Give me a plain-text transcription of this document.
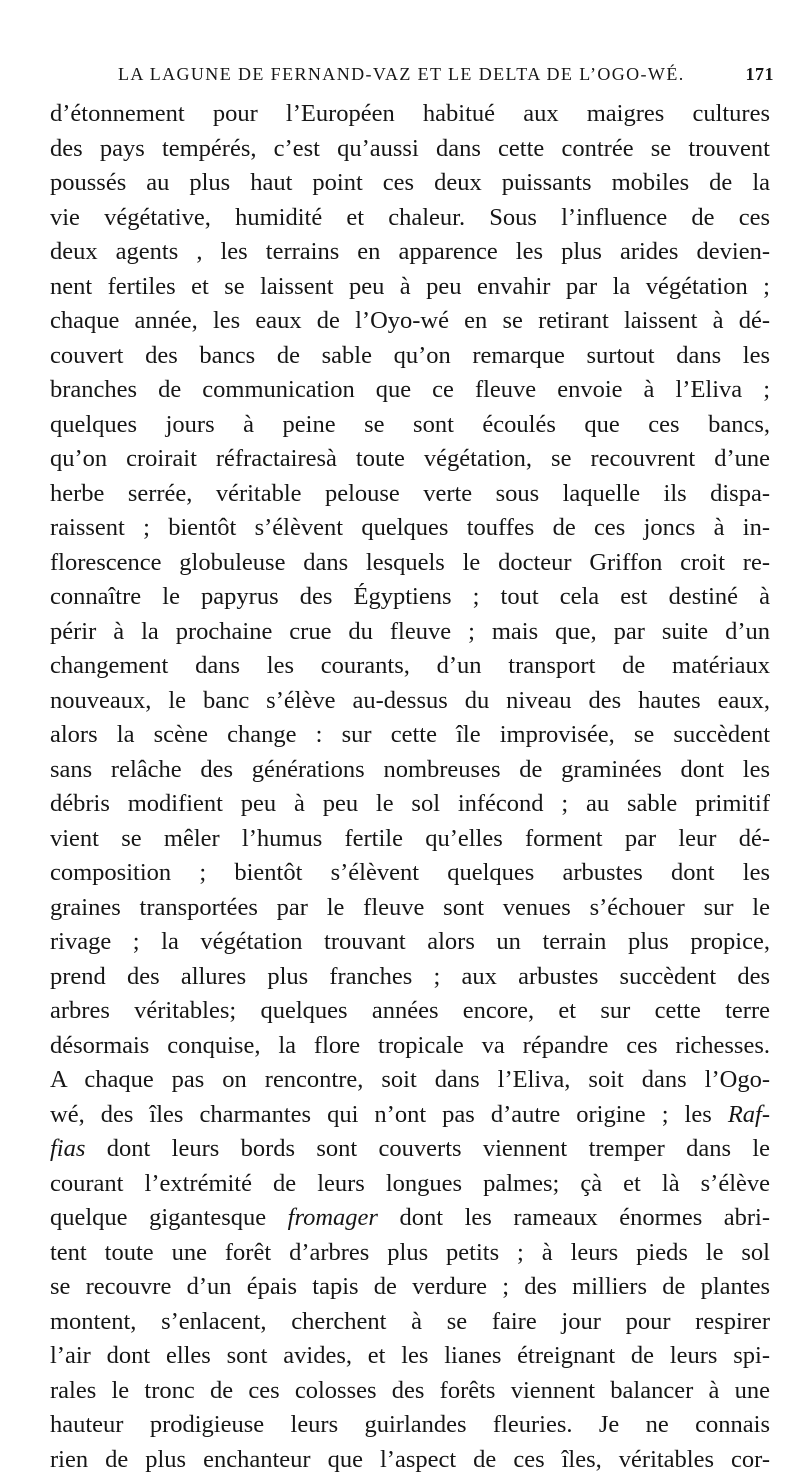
LA LAGUNE DE FERNAND-VAZ ET LE DELTA DE L’OGO-WÉ.	171
d’étonnement pour l’Européen habitué aux maigres cultures
des pays tempérés, c’est qu’aussi dans cette contrée se trouvent
poussés au plus haut point ces deux puissants mobiles de la
vie végétative, humidité et chaleur. Sous l’influence de ces
deux agents , les terrains en apparence les plus arides devien-
nent fertiles et se laissent peu à peu envahir par la végétation ;
chaque année, les eaux de l’Oyo-wé en se retirant laissent à dé-
couvert des bancs de sable qu’on remarque surtout dans les
branches de communication que ce fleuve envoie à l’Eliva ;
quelques jours à peine se sont écoulés que ces bancs,
qu’on croirait réfractairesà toute végétation, se recouvrent d’une
herbe serrée, véritable pelouse verte sous laquelle ils dispa-
raissent ; bientôt s’élèvent quelques touffes de ces joncs à in-
florescence globuleuse dans lesquels le docteur Griffon croit re-
connaître le papyrus des Égyptiens ; tout cela est destiné à
périr à la prochaine crue du fleuve ; mais que, par suite d’un
changement dans les courants, d’un transport de matériaux
nouveaux, le banc s’élève au-dessus du niveau des hautes eaux,
alors la scène change : sur cette île improvisée, se succèdent
sans relâche des générations nombreuses de graminées dont les
débris modifient peu à peu le sol infécond ; au sable primitif
vient se mêler l’humus fertile qu’elles forment par leur dé-
composition ; bientôt s’élèvent quelques arbustes dont les
graines transportées par le fleuve sont venues s’échouer sur le
rivage ; la végétation trouvant alors un terrain plus propice,
prend des allures plus franches ; aux arbustes succèdent des
arbres véritables; quelques années encore, et sur cette terre
désormais conquise, la flore tropicale va répandre ces richesses.
A chaque pas on rencontre, soit dans l’Eliva, soit dans l’Ogo-
wé, des îles charmantes qui n’ont pas d’autre origine ; les Raf-
fias dont leurs bords sont couverts viennent tremper dans le
courant l’extrémité de leurs longues palmes; çà et là s’élève
quelque gigantesque fromager dont les rameaux énormes abri-
tent toute une forêt d’arbres plus petits ; à leurs pieds le sol
se recouvre d’un épais tapis de verdure ; des milliers de plantes
montent, s’enlacent, cherchent à se faire jour pour respirer
l’air dont elles sont avides, et les lianes étreignant de leurs spi-
rales le tronc de ces colosses des forêts viennent balancer à une
hauteur prodigieuse leurs guirlandes fleuries. Je ne connais
rien de plus enchanteur que l’aspect de ces îles, véritables cor-
